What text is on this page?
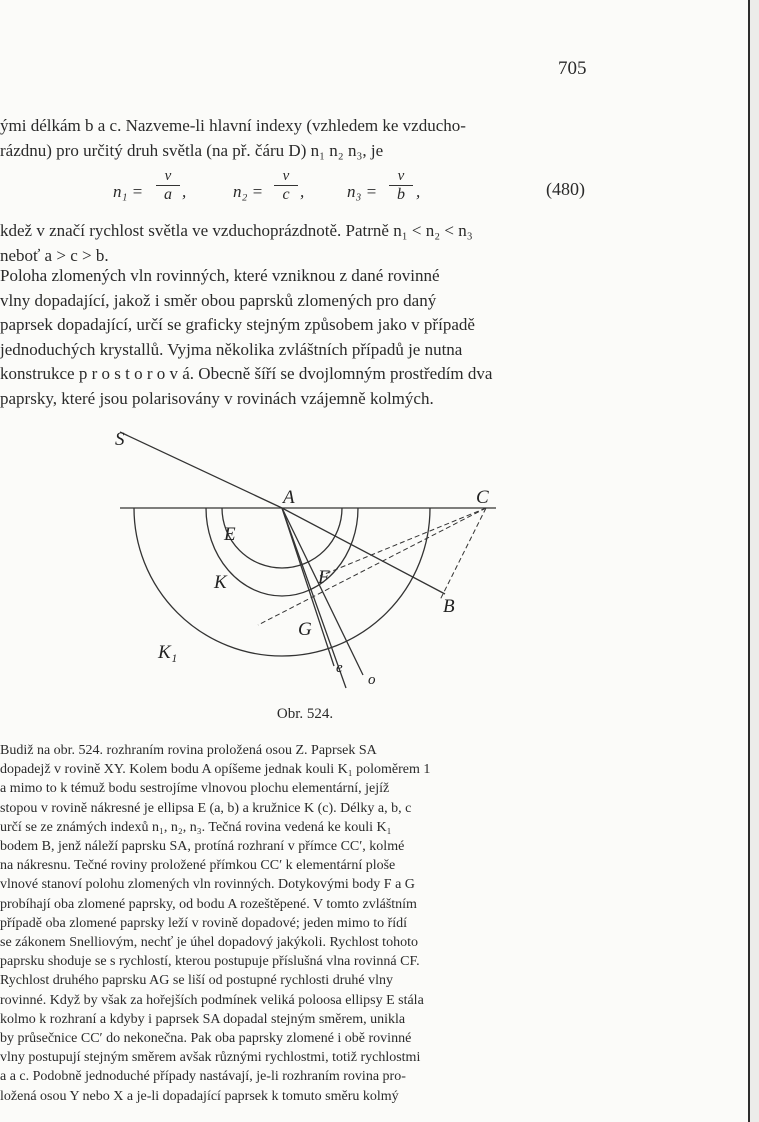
705
ými délkám b a c. Nazveme-li hlavní indexy (vzhledem ke vzducho-
rázdnu) pro určitý druh světla (na př. čáru D) n₁ n₂ n₃, je
n₁ =
v
a ,	n₂ =
v
c ,	n₃ =
v
b ,	(480)
kdež v značí rychlost světla ve vzduchoprázdnotě. Patrně n₁ < n₂ < n₃
neboť a > c > b.
Poloha zlomených vln rovinných, které vzniknou z dané rovinné
vlny dopadající, jakož i směr obou paprsků zlomených pro daný
paprsek dopadající, určí se graficky stejným způsobem jako v případě
jednoduchých krystallů. Vyjma několika zvláštních případů je nutna
konstrukce p r o s t o r o v á. Obecně šíří se dvojlomným prostředím dva
paprsky, které jsou polarisovány v rovinách vzájemně kolmých.
S
A	C
E
K	F
B
G
K₁
e
o
Obr. 524.
Budiž na obr. 524. rozhraním rovina proložená osou Z. Paprsek SA
dopadejž v rovině XY. Kolem bodu A opíšeme jednak kouli K₁ poloměrem 1
a mimo to k témuž bodu sestrojíme vlnovou plochu elementární, jejíž
stopou v rovině nákresné je ellipsa E (a, b) a kružnice K (c). Délky a, b, c
určí se ze známých indexů n₁, n₂, n₃. Tečná rovina vedená ke kouli K₁
bodem B, jenž náleží paprsku SA, protíná rozhraní v přímce CC′, kolmé
na nákresnu. Tečné roviny proložené přímkou CC′ k elementární ploše
vlnové stanoví polohu zlomených vln rovinných. Dotykovými body F a G
probíhají oba zlomené paprsky, od bodu A rozeštěpené. V tomto zvláštním
případě oba zlomené paprsky leží v rovině dopadové; jeden mimo to řídí
se zákonem Snelliovým, nechť je úhel dopadový jakýkoli. Rychlost tohoto
paprsku shoduje se s rychlostí, kterou postupuje příslušná vlna rovinná CF.
Rychlost druhého paprsku AG se liší od postupné rychlosti druhé vlny
rovinné. Když by však za hořejších podmínek veliká poloosa ellipsy E stála
kolmo k rozhraní a kdyby i paprsek SA dopadal stejným směrem, unikla
by průsečnice CC′ do nekonečna. Pak oba paprsky zlomené i obě rovinné
vlny postupují stejným směrem avšak různými rychlostmi, totiž rychlostmi
a a c. Podobně jednoduché případy nastávají, je-li rozhraním rovina pro-
ložená osou Y nebo X a je-li dopadající paprsek k tomuto směru kolmý
